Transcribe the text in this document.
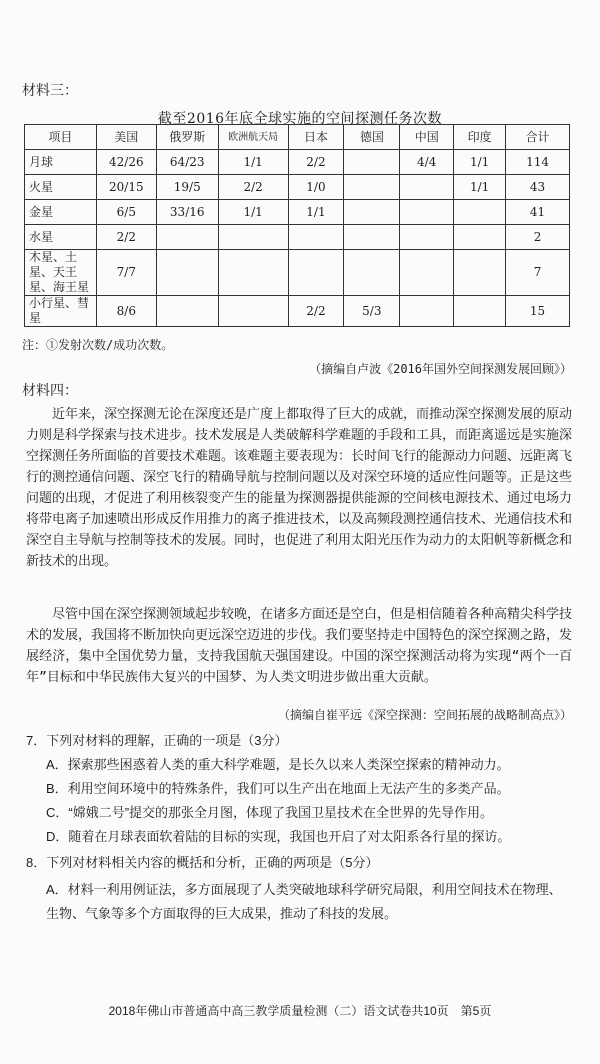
材料三：
截至2016年底全球实施的空间探测任务次数
项目	美国	俄罗斯	欧洲航天局	日本	德国	中国	印度	合计
月球	42/26	64/23	1/1	2/2		4/4	1/1	114
火星	20/15	19/5	2/2	1/0			1/1	43
金星	6/5	33/16	1/1	1/1				41
水星	2/2							2
木星、土星、天王星、海王星	7/7							7
小行星、彗星	8/6			2/2	5/3			15
注：①发射次数/成功次数。
（摘编自卢波《2016年国外空间探测发展回顾》）
材料四：
近年来，深空探测无论在深度还是广度上都取得了巨大的成就，而推动深空探测发展的原动力则是科学探索与技术进步。技术发展是人类破解科学难题的手段和工具，而距离遥远是实施深空探测任务所面临的首要技术难题。该难题主要表现为：长时间飞行的能源动力问题、远距离飞行的测控通信问题、深空飞行的精确导航与控制问题以及对深空环境的适应性问题等。正是这些问题的出现，才促进了利用核裂变产生的能量为探测器提供能源的空间核电源技术、通过电场力将带电离子加速喷出形成反作用推力的离子推进技术，以及高频段测控通信技术、光通信技术和深空自主导航与控制等技术的发展。同时，也促进了利用太阳光压作为动力的太阳帆等新概念和新技术的出现。
尽管中国在深空探测领域起步较晚，在诸多方面还是空白，但是相信随着各种高精尖科学技术的发展，我国将不断加快向更远深空迈进的步伐。我们要坚持走中国特色的深空探测之路，发展经济，集中全国优势力量，支持我国航天强国建设。中国的深空探测活动将为实现“两个一百年”目标和中华民族伟大复兴的中国梦、为人类文明进步做出重大贡献。
（摘编自崔平远《深空探测：空间拓展的战略制高点》）
7．下列对材料的理解，正确的一项是（3分）
A．探索那些困惑着人类的重大科学难题，是长久以来人类深空探索的精神动力。
B．利用空间环境中的特殊条件，我们可以生产出在地面上无法产生的多类产品。
C．“嫦娥二号”提交的那张全月图，体现了我国卫星技术在全世界的先导作用。
D．随着在月球表面软着陆的目标的实现，我国也开启了对太阳系各行星的探访。
8．下列对材料相关内容的概括和分析，正确的两项是（5分）
A．材料一利用例证法，多方面展现了人类突破地球科学研究局限，利用空间技术在物理、生物、气象等多个方面取得的巨大成果，推动了科技的发展。
2018年佛山市普通高中高三教学质量检测（二）语文试卷共10页　第5页
